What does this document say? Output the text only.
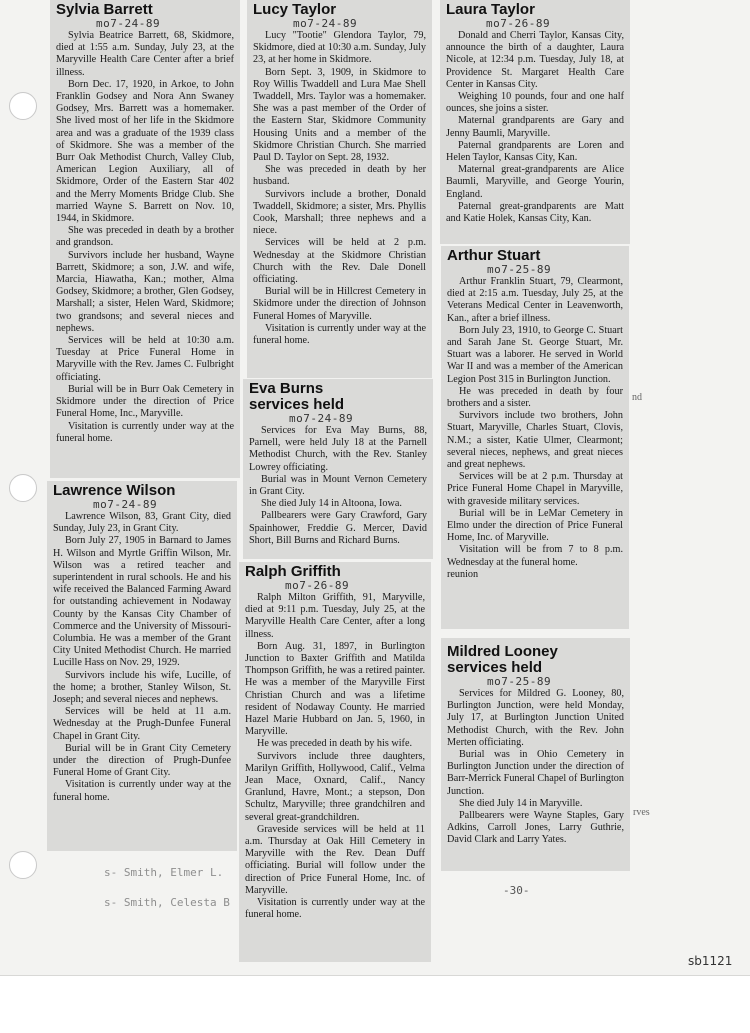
Sylvia Barrett
mo7-24-89

Sylvia Beatrice Barrett, 68, Skidmore, died at 1:55 a.m. Sunday, July 23, at the Maryville Health Care Center after a brief illness.

Born Dec. 17, 1920, in Arkoe, to John Franklin Godsey and Nora Ann Swaney Godsey, Mrs. Barrett was a homemaker. She lived most of her life in the Skidmore area and was a graduate of the 1939 class of Skidmore. She was a member of the Burr Oak Methodist Church, Valley Club, American Legion Auxiliary, all of Skidmore, Order of the Eastern Star 402 and the Merry Moments Bridge Club. She married Wayne S. Barrett on Nov. 10, 1944, in Skidmore.

She was preceded in death by a brother and grandson.

Survivors include her husband, Wayne Barrett, Skidmore; a son, J.W. and wife, Marcia, Hiawatha, Kan.; mother, Alma Godsey, Skidmore; a brother, Glen Godsey, Marshall; a sister, Helen Ward, Skidmore; two grandsons; and several nieces and nephews.

Services will be held at 10:30 a.m. Tuesday at Price Funeral Home in Maryville with the Rev. James C. Fulbright officiating.

Burial will be in Burr Oak Cemetery in Skidmore under the direction of Price Funeral Home, Inc., Maryville.

Visitation is currently under way at the funeral home.

Lawrence Wilson
mo7-24-89

Lawrence Wilson, 83, Grant City, died Sunday, July 23, in Grant City.

Born July 27, 1905 in Barnard to James H. Wilson and Myrtle Griffin Wilson, Mr. Wilson was a retired teacher and superintendent in rural schools. He and his wife received the Balanced Farming Award for outstanding achievement in Nodaway County by the Kansas City Chamber of Commerce and the University of Missouri-Columbia. He was a member of the Grant City United Methodist Church. He married Lucille Hass on Nov. 29, 1929.

Survivors include his wife, Lucille, of the home; a brother, Stanley Wilson, St. Joseph; and several nieces and nephews.

Services will be held at 11 a.m. Wednesday at the Prugh-Dunfee Funeral Chapel in Grant City.

Burial will be in Grant City Cemetery under the direction of Prugh-Dunfee Funeral Home of Grant City.

Visitation is currently under way at the funeral home.

Lucy Taylor
mo7-24-89

Lucy "Tootie" Glendora Taylor, 79, Skidmore, died at 10:30 a.m. Sunday, July 23, at her home in Skidmore.

Born Sept. 3, 1909, in Skidmore to Roy Willis Twaddell and Lura Mae Shell Twaddell, Mrs. Taylor was a homemaker. She was a past member of the Order of the Eastern Star, Skidmore Community Housing Units and a member of the Skidmore Christian Church. She married Paul D. Taylor on Sept. 28, 1932.

She was preceded in death by her husband.

Survivors include a brother, Donald Twaddell, Skidmore; a sister, Mrs. Phyllis Cook, Marshall; three nephews and a niece.

Services will be held at 2 p.m. Wednesday at the Skidmore Christian Church with the Rev. Dale Donell officiating.

Burial will be in Hillcrest Cemetery in Skidmore under the direction of Johnson Funeral Homes of Maryville.

Visitation is currently under way at the funeral home.

Eva Burns
services held
mo7-24-89

Services for Eva May Burns, 88, Parnell, were held July 18 at the Parnell Methodist Church, with the Rev. Stanley Lowrey officiating.

Burial was in Mount Vernon Cemetery in Grant City.

She died July 14 in Altoona, Iowa.

Pallbearers were Gary Crawford, Gary Spainhower, Freddie G. Mercer, David Short, Bill Burns and Richard Burns.

Ralph Griffith
mo7-26-89

Ralph Milton Griffith, 91, Maryville, died at 9:11 p.m. Tuesday, July 25, at the Maryville Health Care Center, after a long illness.

Born Aug. 31, 1897, in Burlington Junction to Baxter Griffith and Matilda Thompson Griffith, he was a retired painter. He was a member of the Maryville First Christian Church and was a lifetime resident of Nodaway County. He married Hazel Marie Hubbard on Jan. 5, 1960, in Maryville.

He was preceded in death by his wife.

Survivors include three daughters, Marilyn Griffith, Hollywood, Calif., Velma Jean Mace, Oxnard, Calif., Nancy Granlund, Havre, Mont.; a stepson, Don Schultz, Maryville; three grandchilren and several great-grandchildren.

Graveside services will be held at 11 a.m. Thursday at Oak Hill Cemetery in Maryville with the Rev. Dean Duff officiating. Burial will follow under the direction of Price Funeral Home, Inc. of Maryville.

Visitation is currently under way at the funeral home.

Laura Taylor
mo7-26-89

Donald and Cherri Taylor, Kansas City, announce the birth of a daughter, Laura Nicole, at 12:34 p.m. Tuesday, July 18, at Providence St. Margaret Health Care Center in Kansas City.

Weighing 10 pounds, four and one half ounces, she joins a sister.

Maternal grandparents are Gary and Jenny Baumli, Maryville.

Paternal grandparents are Loren and Helen Taylor, Kansas City, Kan.

Maternal great-grandparents are Alice Baumli, Maryville, and George Yourin, England.

Paternal great-grandparents are Matt and Katie Holek, Kansas City, Kan.

Arthur Stuart
mo7-25-89

Arthur Franklin Stuart, 79, Clearmont, died at 2:15 a.m. Tuesday, July 25, at the Veterans Medical Center in Leavenworth, Kan., after a brief illness.

Born July 23, 1910, to George C. Stuart and Sarah Jane St. George Stuart, Mr. Stuart was a laborer. He served in World War II and was a member of the American Legion Post 315 in Burlington Junction.

He was preceded in death by four brothers and a sister.

Survivors include two brothers, John Stuart, Maryville, Charles Stuart, Clovis, N.M.; a sister, Katie Ulmer, Clearmont; several nieces, nephews, and great nieces and great nephews.

Services will be at 2 p.m. Thursday at Price Funeral Home Chapel in Maryville, with graveside military services.

Burial will be in LeMar Cemetery in Elmo under the direction of Price Funeral Home, Inc. of Maryville.

Visitation will be from 7 to 8 p.m. Wednesday at the funeral home.

reunion

Mildred Looney
services held
mo7-25-89

Services for Mildred G. Looney, 80, Burlington Junction, were held Monday, July 17, at Burlington Junction United Methodist Church, with the Rev. John Merten officiating.

Burial was in Ohio Cemetery in Burlington Junction under the direction of Barr-Merrick Funeral Chapel of Burlington Junction.

She died July 14 in Maryville.

Pallbearers were Wayne Staples, Gary Adkins, Carroll Jones, Larry Guthrie, David Clark and Larry Yates.

s- Smith, Elmer L.
s- Smith, Celesta B
-30-
nd
rves
sb1121
